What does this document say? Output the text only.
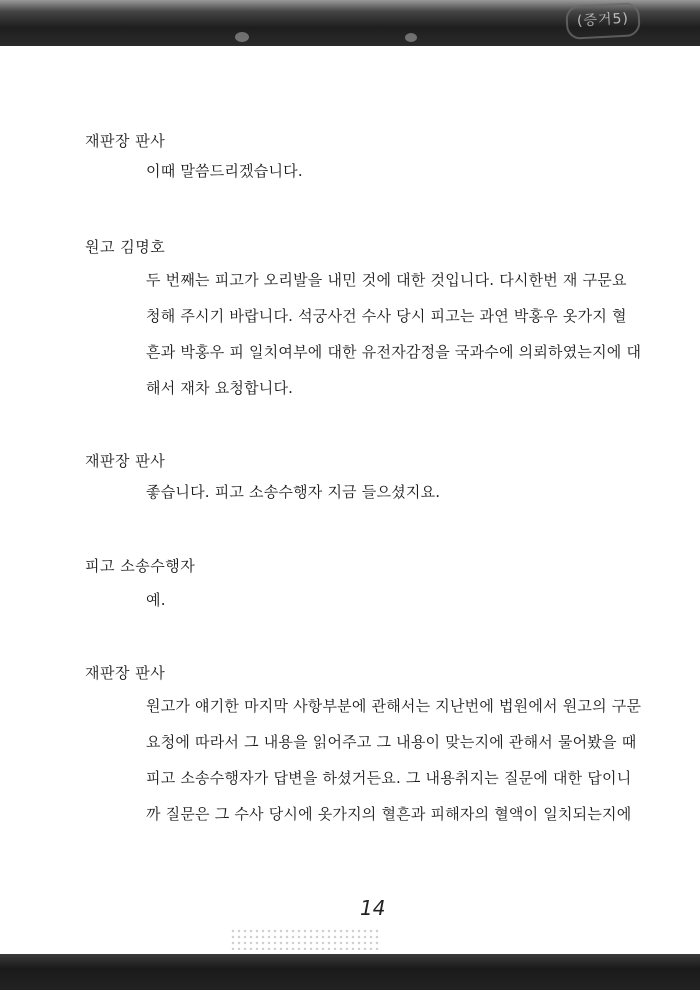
(증거5)
재판장 판사
이때 말씀드리겠습니다.
원고 김명호
두 번째는 피고가 오리발을 내민 것에 대한 것입니다. 다시한번 재 구문요
청해 주시기 바랍니다. 석궁사건 수사 당시 피고는 과연 박홍우 옷가지 혈
흔과 박홍우 피 일치여부에 대한 유전자감정을 국과수에 의뢰하였는지에 대
해서 재차 요청합니다.
재판장 판사
좋습니다. 피고 소송수행자 지금 들으셨지요.
피고 소송수행자
예.
재판장 판사
원고가 얘기한 마지막 사항부분에 관해서는 지난번에 법원에서 원고의 구문
요청에 따라서 그 내용을 읽어주고 그 내용이 맞는지에 관해서 물어봤을 때
피고 소송수행자가 답변을 하셨거든요. 그 내용취지는 질문에 대한 답이니
까 질문은 그 수사 당시에 옷가지의 혈흔과 피해자의 혈액이 일치되는지에
14
